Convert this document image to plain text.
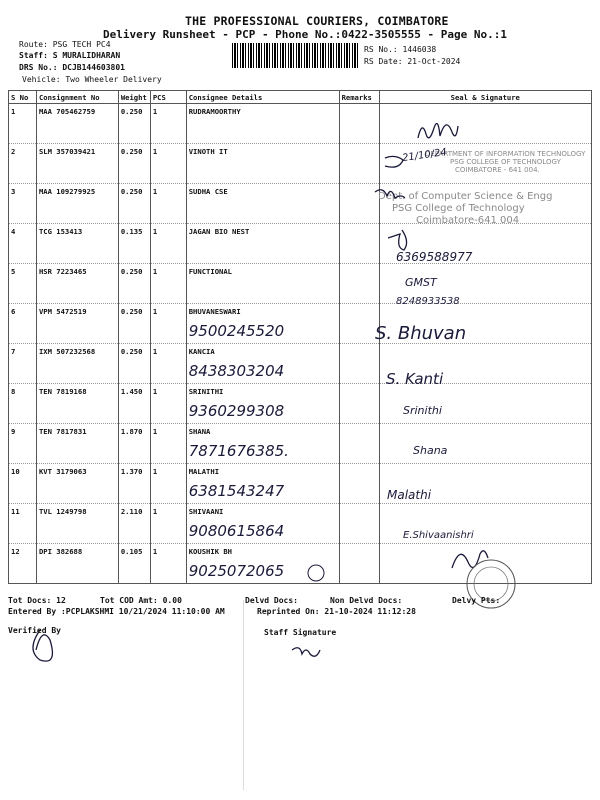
THE PROFESSIONAL COURIERS, COIMBATORE
Delivery Runsheet - PCP - Phone No.:0422-3505555 - Page No.:1
Route: PSG TECH PC4
Staff: S MURALIDHARAN
DRS No.: DCJB144603801
Vehicle: Two Wheeler Delivery
RS No.: 1446038
RS Date: 21-Oct-2024
S No	Consignment No	Weight	PCS	Consignee Details	Remarks	Seal & Signature
1	MAA 705462759	0.250	1	RUDRAMOORTHY		

2	SLM 357039421	0.250	1	VINOTH IT		

3	MAA 109279925	0.250	1	SUDHA CSE		

4	TCG 153413	0.135	1	JAGAN BIO NEST		

5	HSR 7223465	0.250	1	FUNCTIONAL		

6	VPM 5472519	0.250	1	BHUVANESWARI
9500245520		

7	IXM 507232568	0.250	1	KANCIA
8438303204		

8	TEN 7819168	1.450	1	SRINITHI
9360299308		

9	TEN 7817831	1.870	1	SHANA
7871676385.		

10	KVT 3179063	1.370	1	MALATHI
6381543247		

11	TVL 1249798	2.110	1	SHIVAANI
9080615864		

12	DPI 382688	0.105	1	KOUSHIK BH
9025072065		

DEPARTMENT OF INFORMATION TECHNOLOGY
PSG COLLEGE OF TECHNOLOGY
COIMBATORE - 641 004.
Dept. of Computer Science & Engg
PSG College of Technology
Coimbatore-641 004
21/10/24
6369588977
GMST
8248933538
S. Bhuvan
S. Kanti
Srinithi
Shana
Malathi
E.Shivaanishri
Tot Docs: 12	Tot COD Amt: 0.00	Delvd Docs:	Non Delvd Docs:	Delvy Pts:
Entered By :PCPLAKSHMI 10/21/2024 11:10:00 AM	Reprinted On: 21-10-2024 11:12:28
Verified By	Staff Signature
